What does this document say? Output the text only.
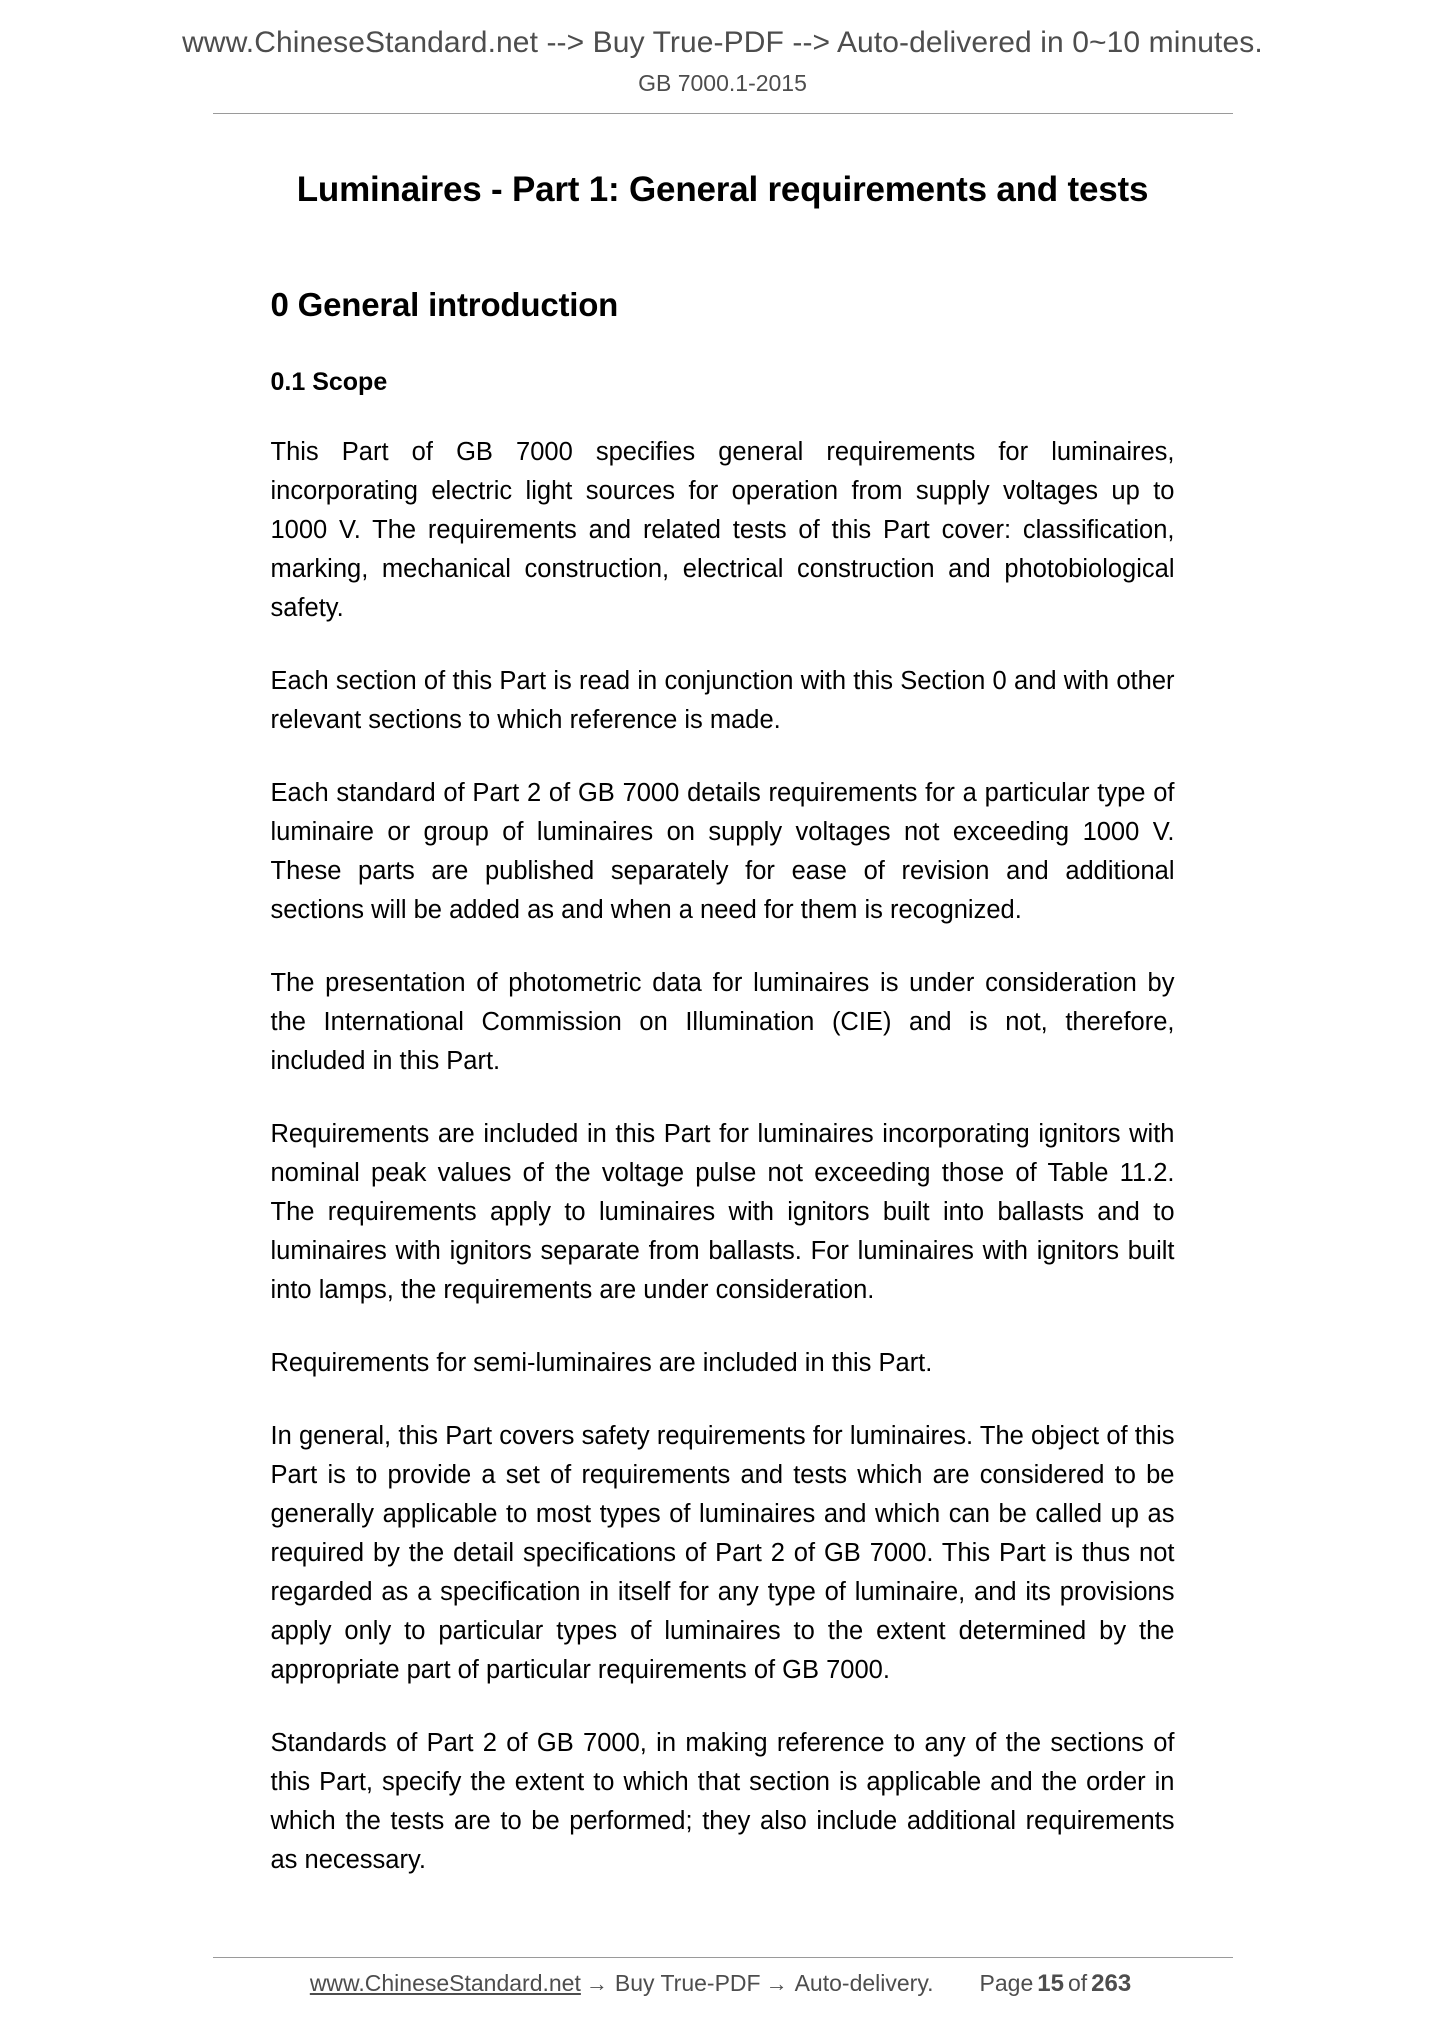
www.ChineseStandard.net --> Buy True-PDF --> Auto-delivered in 0~10 minutes.
GB 7000.1-2015
Luminaires - Part 1: General requirements and tests
0 General introduction
0.1 Scope

This Part of GB 7000 specifies general requirements for luminaires, incorporating electric light sources for operation from supply voltages up to 1000 V. The requirements and related tests of this Part cover: classification, marking, mechanical construction, electrical construction and photobiological safety.

Each section of this Part is read in conjunction with this Section 0 and with other relevant sections to which reference is made.

Each standard of Part 2 of GB 7000 details requirements for a particular type of luminaire or group of luminaires on supply voltages not exceeding 1000 V. These parts are published separately for ease of revision and additional sections will be added as and when a need for them is recognized.

The presentation of photometric data for luminaires is under consideration by the International Commission on Illumination (CIE) and is not, therefore, included in this Part.

Requirements are included in this Part for luminaires incorporating ignitors with nominal peak values of the voltage pulse not exceeding those of Table 11.2. The requirements apply to luminaires with ignitors built into ballasts and to luminaires with ignitors separate from ballasts. For luminaires with ignitors built into lamps, the requirements are under consideration.

Requirements for semi-luminaires are included in this Part.

In general, this Part covers safety requirements for luminaires. The object of this Part is to provide a set of requirements and tests which are considered to be generally applicable to most types of luminaires and which can be called up as required by the detail specifications of Part 2 of GB 7000. This Part is thus not regarded as a specification in itself for any type of luminaire, and its provisions apply only to particular types of luminaires to the extent determined by the appropriate part of particular requirements of GB 7000.

Standards of Part 2 of GB 7000, in making reference to any of the sections of this Part, specify the extent to which that section is applicable and the order in which the tests are to be performed; they also include additional requirements as necessary.

www.ChineseStandard.net → Buy True-PDF → Auto-delivery. Page 15 of 263
